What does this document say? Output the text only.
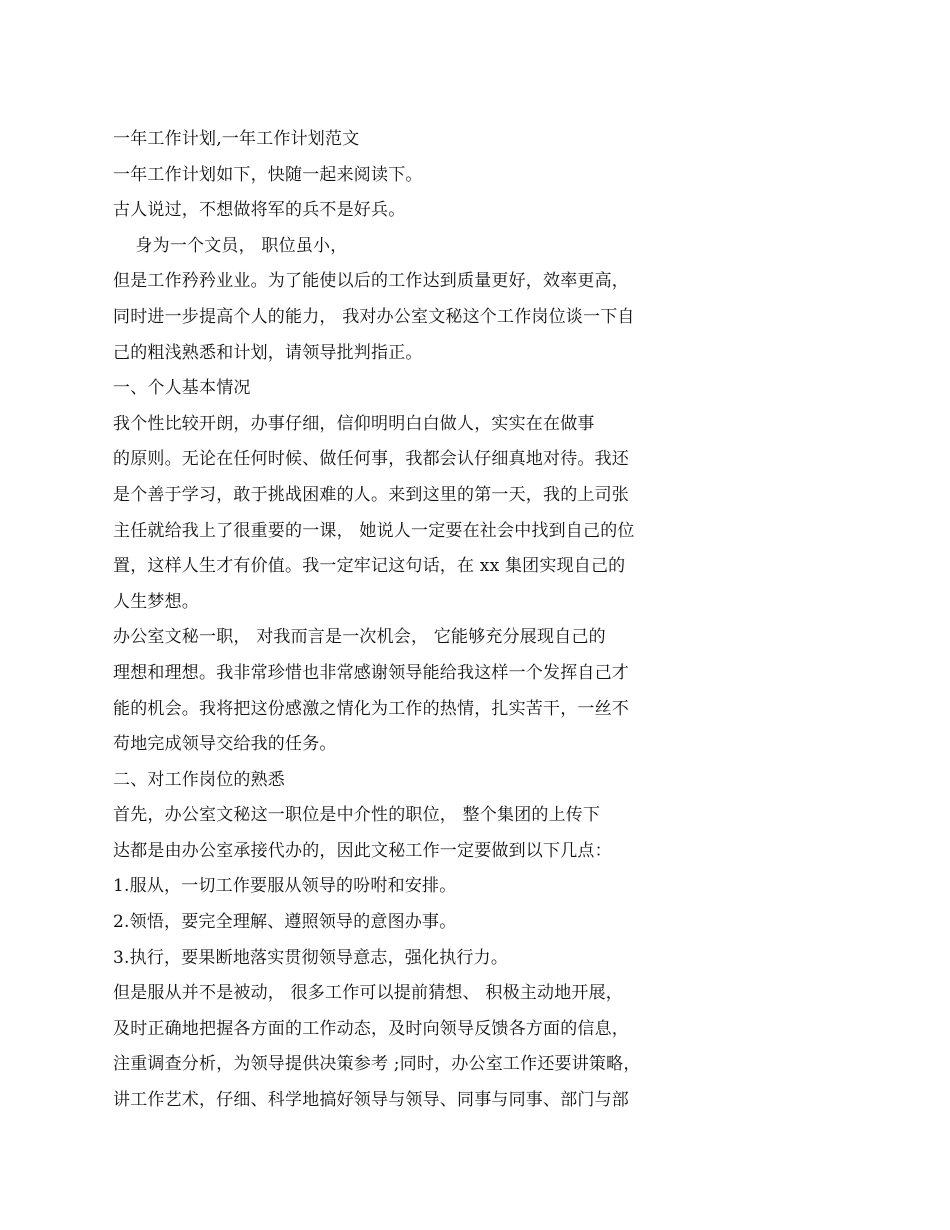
一年工作计划,一年工作计划范文
一年工作计划如下，快随一起来阅读下。
古人说过，不想做将军的兵不是好兵。
身为一个文员， 职位虽小，
但是工作矜矜业业。为了能使以后的工作达到质量更好，效率更高，
同时进一步提高个人的能力， 我对办公室文秘这个工作岗位谈一下自
己的粗浅熟悉和计划，请领导批判指正。
一、个人基本情况
我个性比较开朗，办事仔细，信仰明明白白做人，实实在在做事
的原则。无论在任何时候、做任何事，我都会认仔细真地对待。我还
是个善于学习，敢于挑战困难的人。来到这里的第一天，我的上司张
主任就给我上了很重要的一课， 她说人一定要在社会中找到自己的位
置，这样人生才有价值。我一定牢记这句话，在 xx 集团实现自己的
人生梦想。
办公室文秘一职， 对我而言是一次机会， 它能够充分展现自己的
理想和理想。我非常珍惜也非常感谢领导能给我这样一个发挥自己才
能的机会。我将把这份感激之情化为工作的热情，扎实苦干，一丝不
苟地完成领导交给我的任务。
二、对工作岗位的熟悉
首先，办公室文秘这一职位是中介性的职位， 整个集团的上传下
达都是由办公室承接代办的，因此文秘工作一定要做到以下几点：
1.服从，一切工作要服从领导的吩咐和安排。
2.领悟，要完全理解、遵照领导的意图办事。
3.执行，要果断地落实贯彻领导意志，强化执行力。
但是服从并不是被动， 很多工作可以提前猜想、 积极主动地开展，
及时正确地把握各方面的工作动态，及时向领导反馈各方面的信息，
注重调查分析，为领导提供决策参考 ;同时，办公室工作还要讲策略，
讲工作艺术，仔细、科学地搞好领导与领导、同事与同事、部门与部
